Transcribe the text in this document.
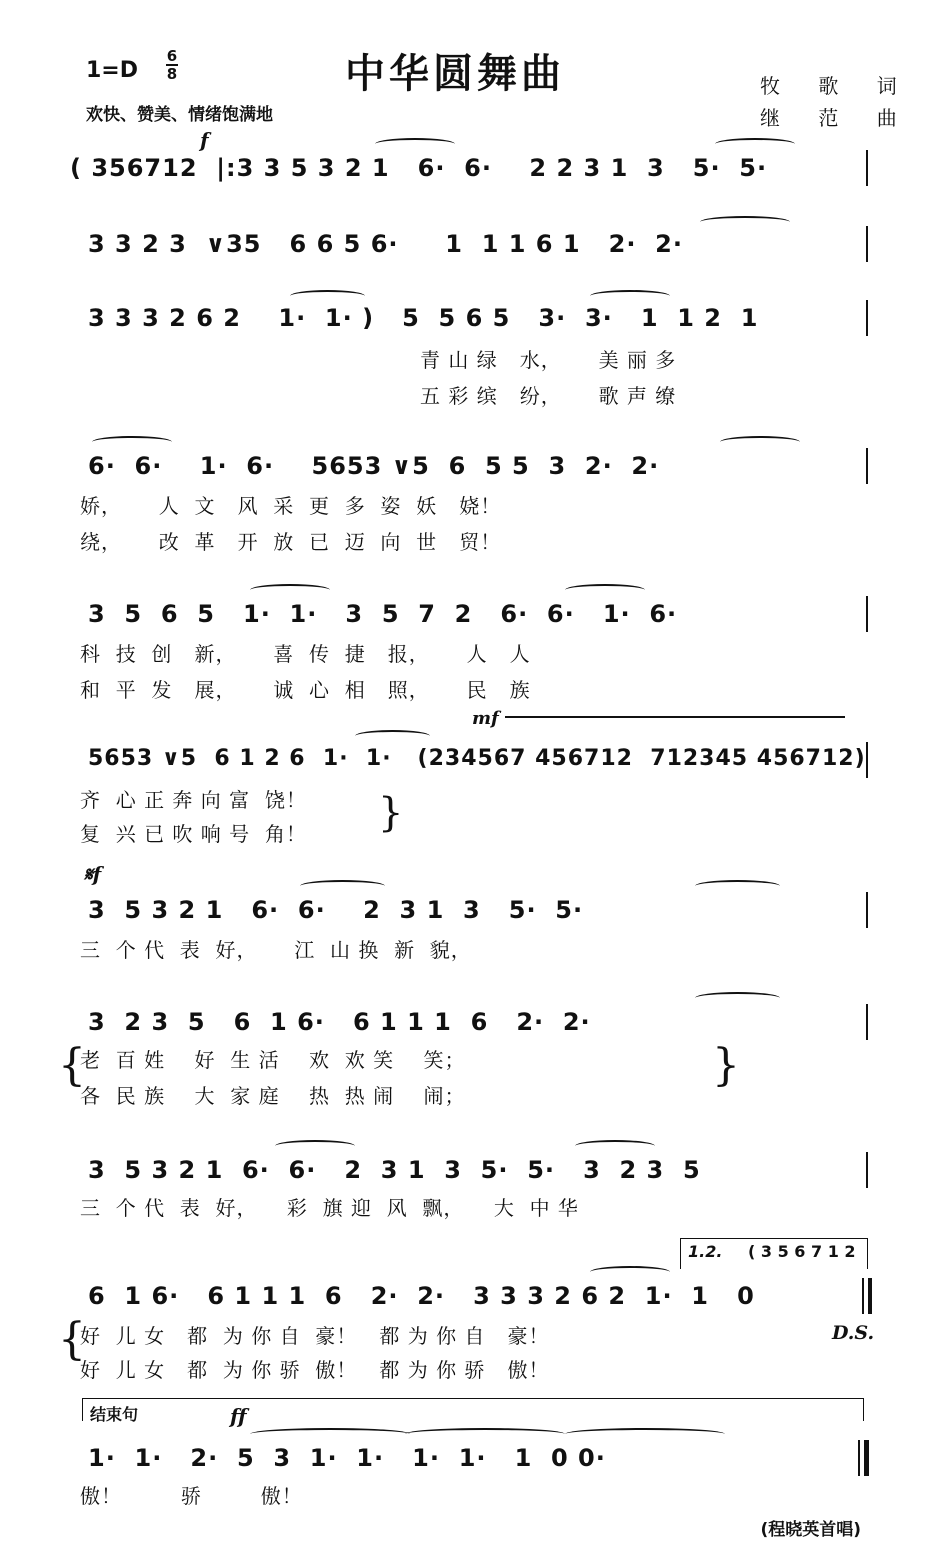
1=D
6
8	中华圆舞曲
欢快、赞美、情绪饱满地
牧 歌 词
继 范 曲
f
( 356712  |:3 3 5 3 2 1   6·  6·    2 2 3 1  3   5·  5·
3 3 2 3  ∨35   6 6 5 6·     1  1 1 6 1   2·  2·
3 3 3 2 6 2    1·  1· )   5  5 6 5   3·  3·   1  1 2  1
青 山 绿   水，     美 丽 多
五 彩 缤   纷，     歌 声 缭
6·  6·    1·  6·    5653 ∨5  6  5 5  3  2·  2·
娇，     人  文   风  采  更  多  姿  妖   娆！
绕，     改  革   开  放  已  迈  向  世   贸！
3  5  6  5   1·  1·   3  5  7  2   6·  6·   1·  6·
科  技  创   新，     喜  传  捷   报，     人   人
和  平  发   展，     诚  心  相   照，     民   族
mf
5653 ∨5  6 1 2 6  1·  1·   (234567 456712  712345 456712)
齐  心 正 奔 向 富  饶！
复  兴 已 吹 响 号  角！ }
𝄋f
3  5 3 2 1   6·  6·    2  3 1  3   5·  5·
三  个 代  表  好，     江  山 换  新  貌，
3  2 3  5   6  1 6·   6 1 1 1  6   2·  2·
{
老  百 姓    好  生 活    欢  欢 笑    笑；
各  民 族    大  家 庭    热  热 闹    闹；
}
3  5 3 2 1  6·  6·   2  3 1  3  5·  5·   3  2 3  5
三  个 代  表  好，    彩  旗 迎  风  飘，    大  中 华
1.2. ( 3 5 6 7 1 2
6  1 6·   6 1 1 1  6   2·  2·   3 3 3 2 6 2  1·  1   0
{
好  儿 女   都  为 你 自  豪！   都 为 你 自   豪！
好  儿 女   都  为 你 骄  傲！   都 为 你 骄   傲！
D.S.
结束句	ff
1·  1·   2·  5  3  1·  1·   1·  1·   1  0 0·
傲！        骄        傲！
(程晓英首唱)
